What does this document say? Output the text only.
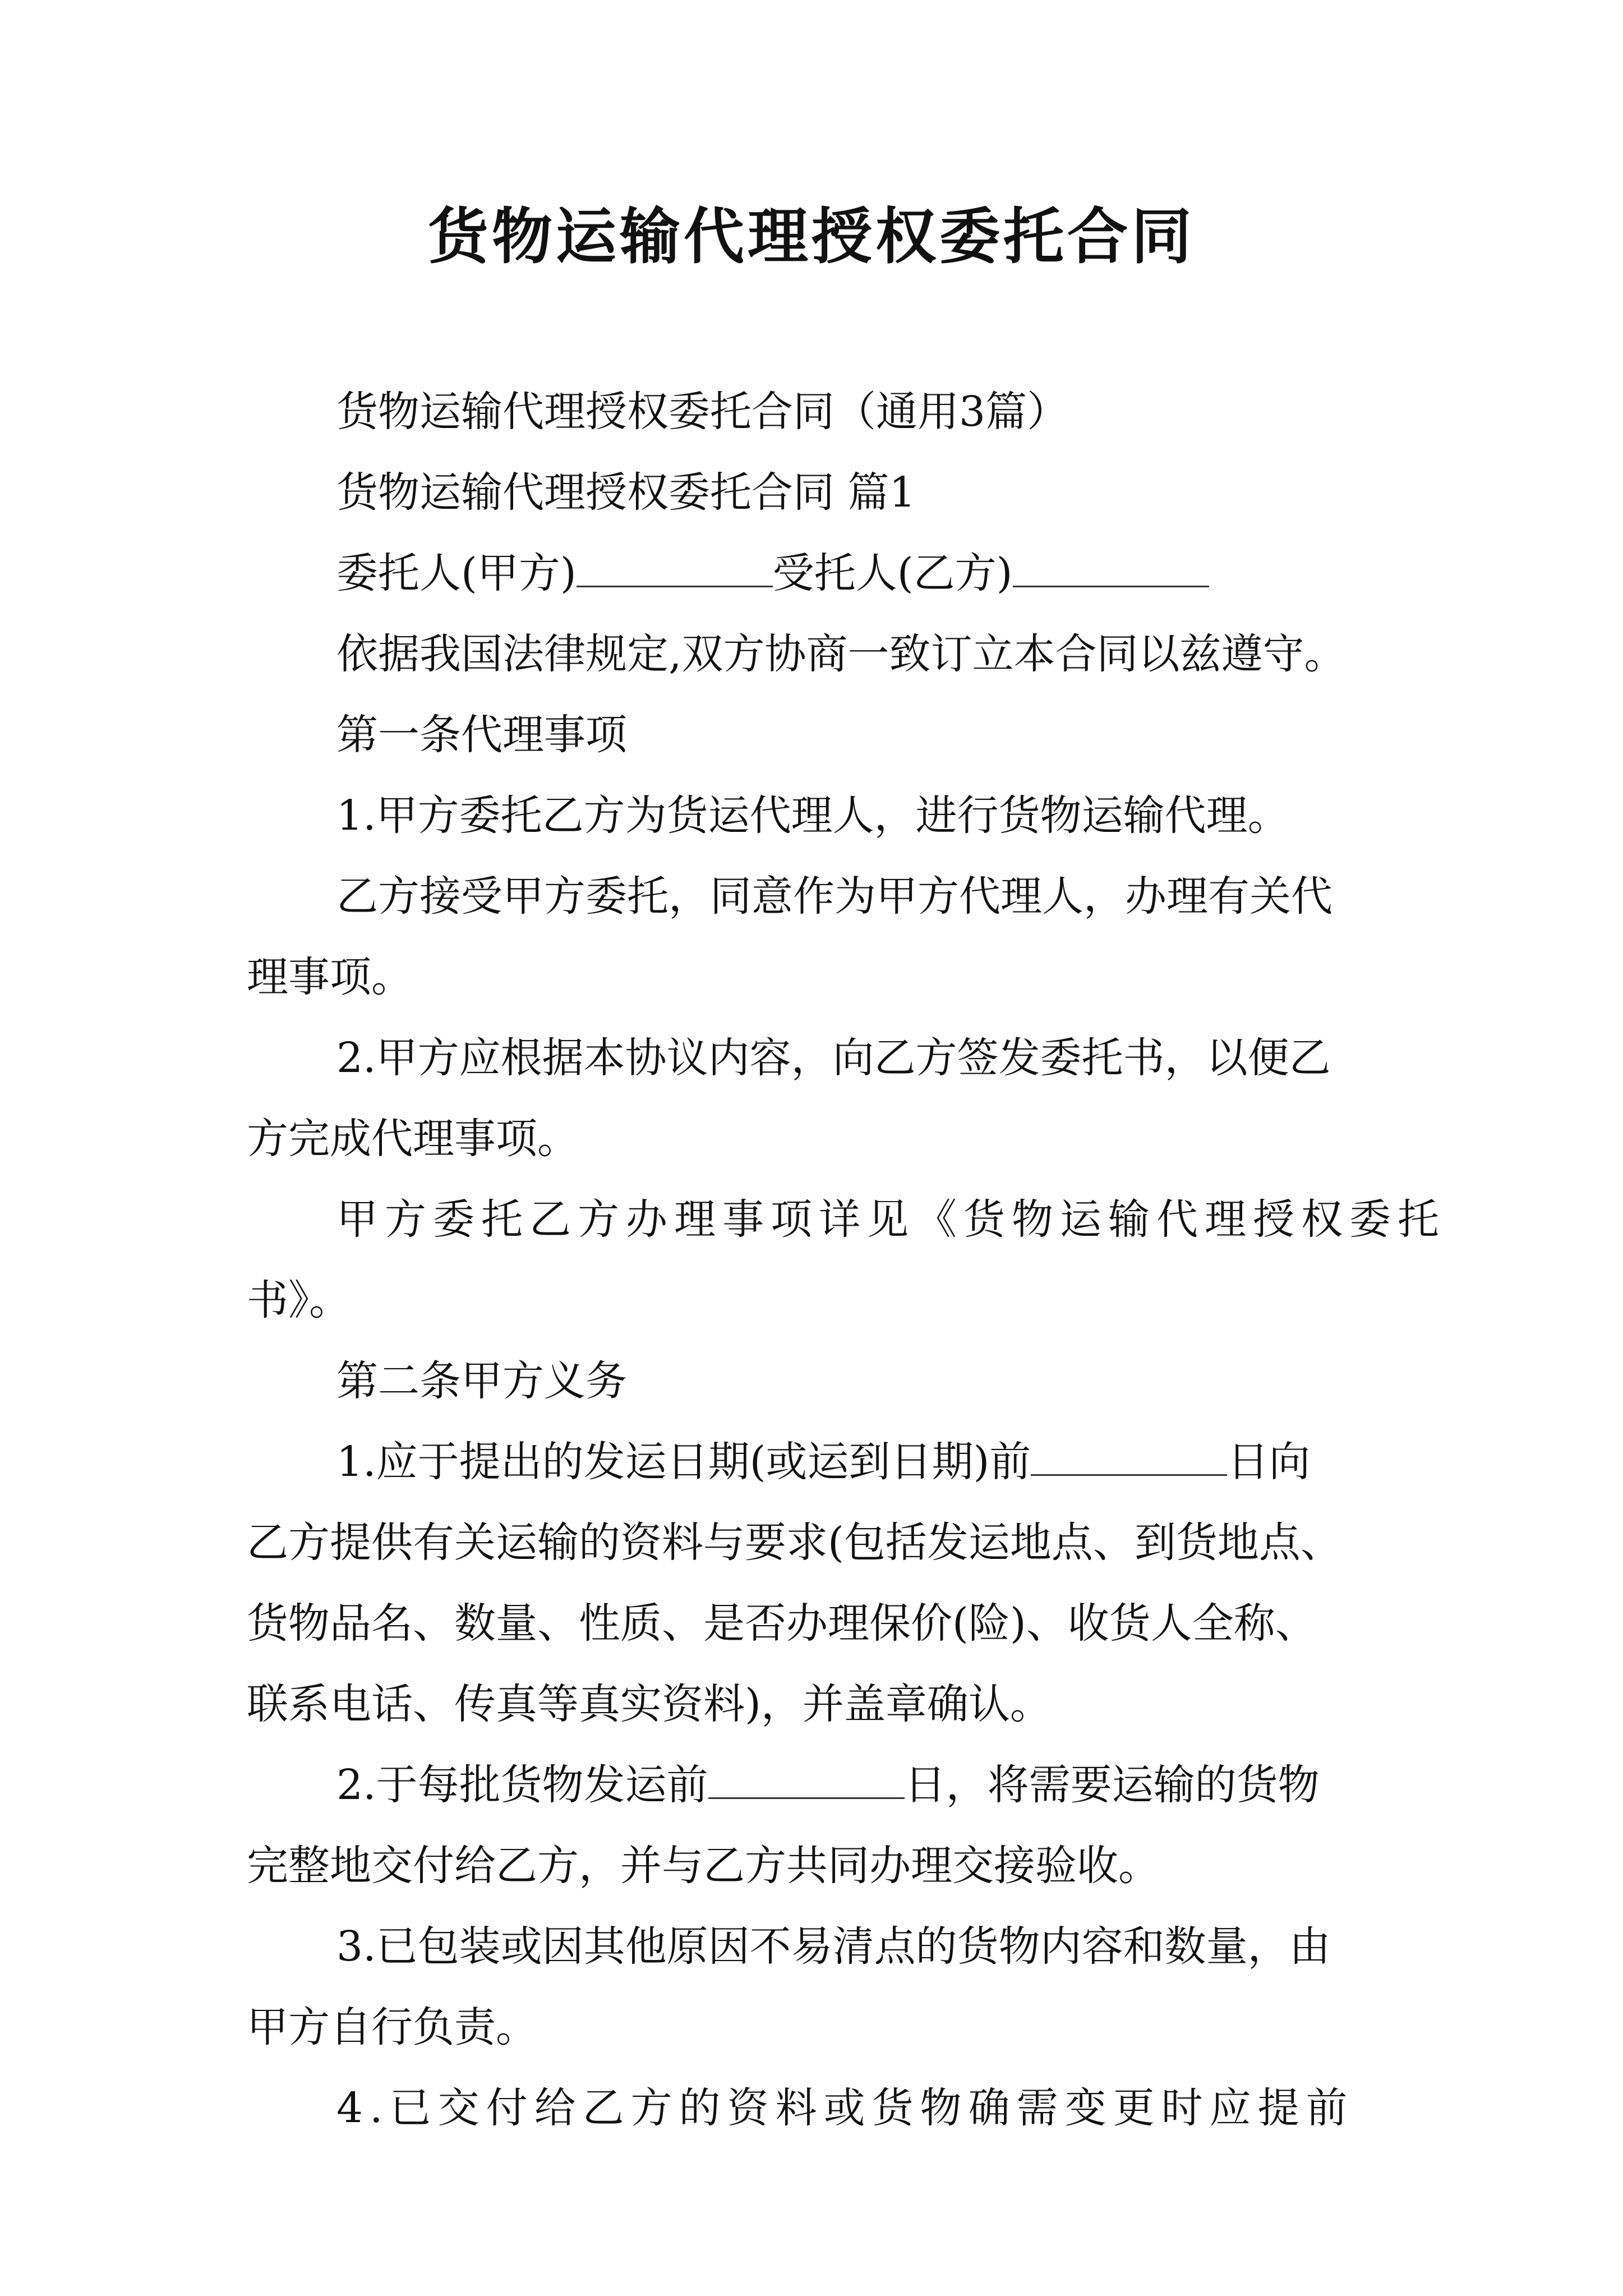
货物运输代理授权委托合同

货物运输代理授权委托合同（通用3篇）

货物运输代理授权委托合同 篇1

委托人(甲方)	受托人(乙方)

依据我国法律规定,双方协商一致订立本合同以兹遵守。

第一条代理事项

1.甲方委托乙方为货运代理人，进行货物运输代理。

乙方接受甲方委托，同意作为甲方代理人，办理有关代

理事项。

2.甲方应根据本协议内容，向乙方签发委托书，以便乙

方完成代理事项。

甲方委托乙方办理事项详见《货物运输代理授权委托

书》。

第二条甲方义务

1.应于提出的发运日期(或运到日期)前	日向

乙方提供有关运输的资料与要求(包括发运地点、到货地点、

货物品名、数量、性质、是否办理保价(险)、收货人全称、

联系电话、传真等真实资料)，并盖章确认。

2.于每批货物发运前	日，将需要运输的货物

完整地交付给乙方，并与乙方共同办理交接验收。

3.已包装或因其他原因不易清点的货物内容和数量，由

甲方自行负责。

4.已交付给乙方的资料或货物确需变更时应提前
